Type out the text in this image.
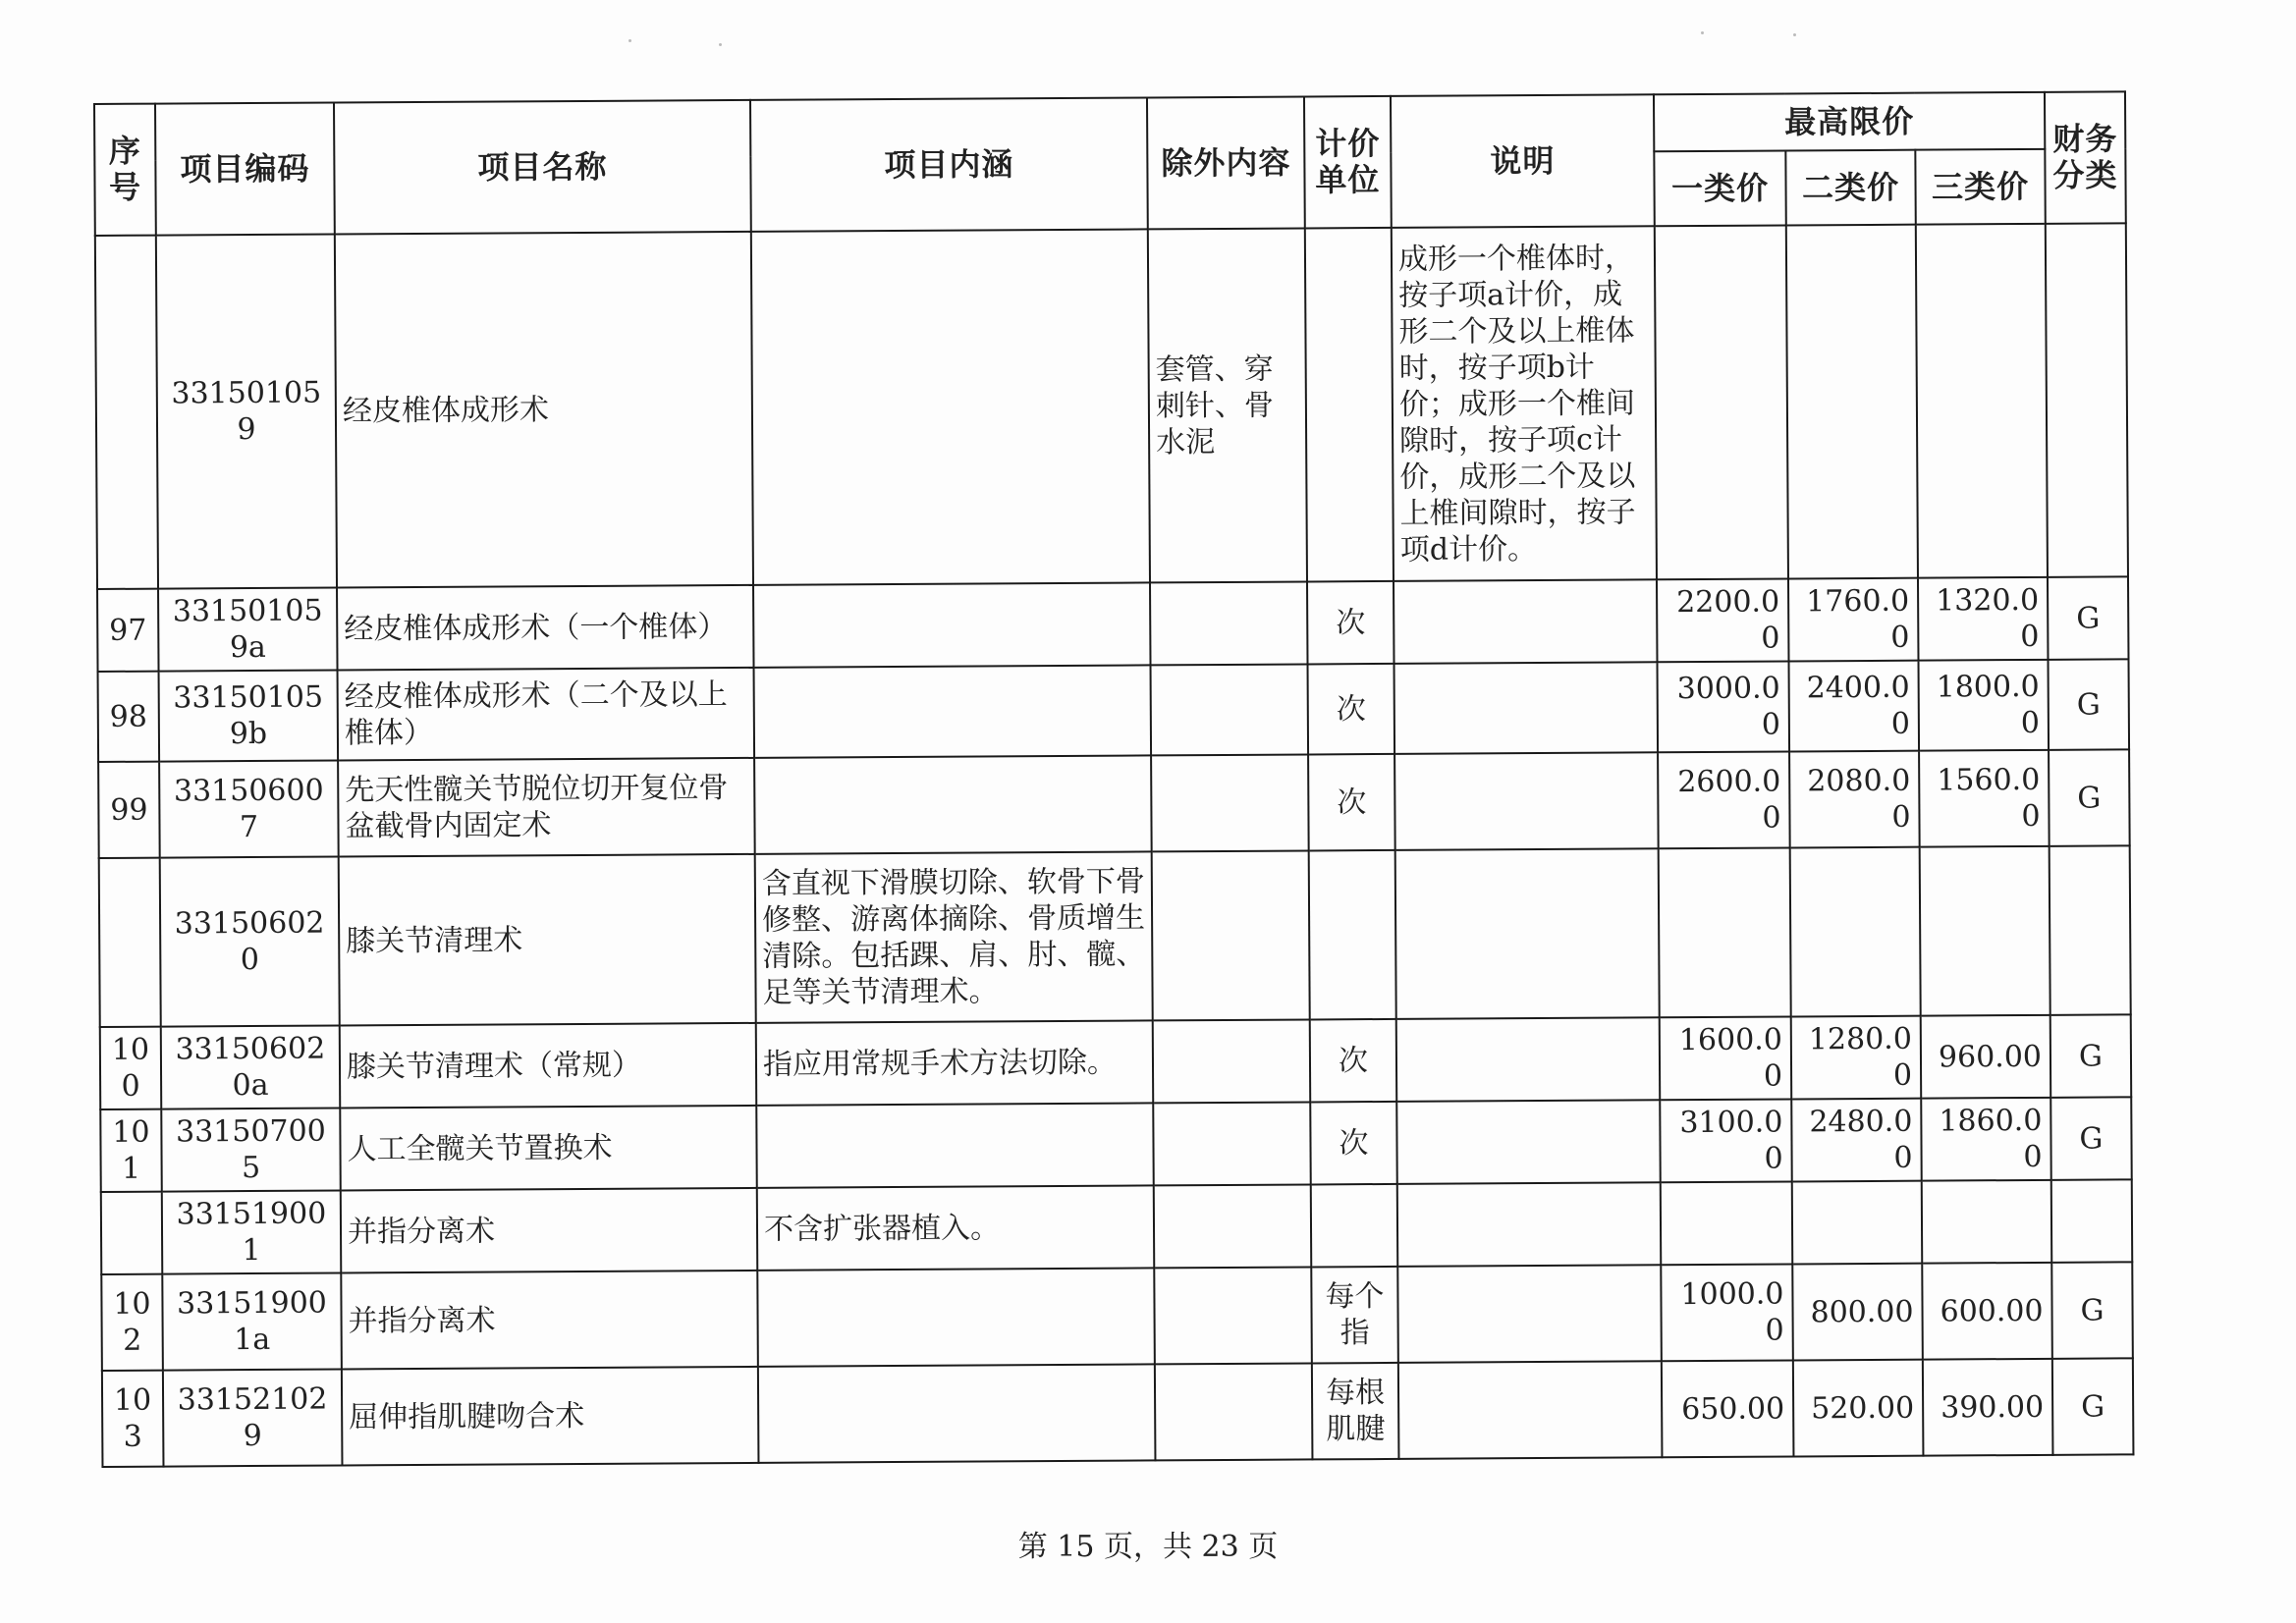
序号	项目编码	项目名称	项目内涵	除外内容	计价单位	说明	最高限价			财务分类
							一类价	二类价	三类价	
	331501059	经皮椎体成形术		套管、穿刺针、骨水泥		成形一个椎体时，按子项a计价，成形二个及以上椎体时，按子项b计价；成形一个椎间隙时，按子项c计价，成形二个及以上椎间隙时，按子项d计价。				
97	331501059a	经皮椎体成形术（一个椎体）			次		2200.00	1760.00	1320.00	G
98	331501059b	经皮椎体成形术（二个及以上椎体）			次		3000.00	2400.00	1800.00	G
99	331506007	先天性髋关节脱位切开复位骨盆截骨内固定术			次		2600.00	2080.00	1560.00	G
	331506020	膝关节清理术	含直视下滑膜切除、软骨下骨修整、游离体摘除、骨质增生清除。包括踝、肩、肘、髋、足等关节清理术。							
100	331506020a	膝关节清理术（常规）	指应用常规手术方法切除。		次		1600.00	1280.00	960.00	G
101	331507005	人工全髋关节置换术			次		3100.00	2480.00	1860.00	G
	331519001	并指分离术	不含扩张器植入。							
102	331519001a	并指分离术			每个指		1000.00	800.00	600.00	G
103	331521029	屈伸指肌腱吻合术			每根肌腱		650.00	520.00	390.00	G
第 15 页，共 23 页
